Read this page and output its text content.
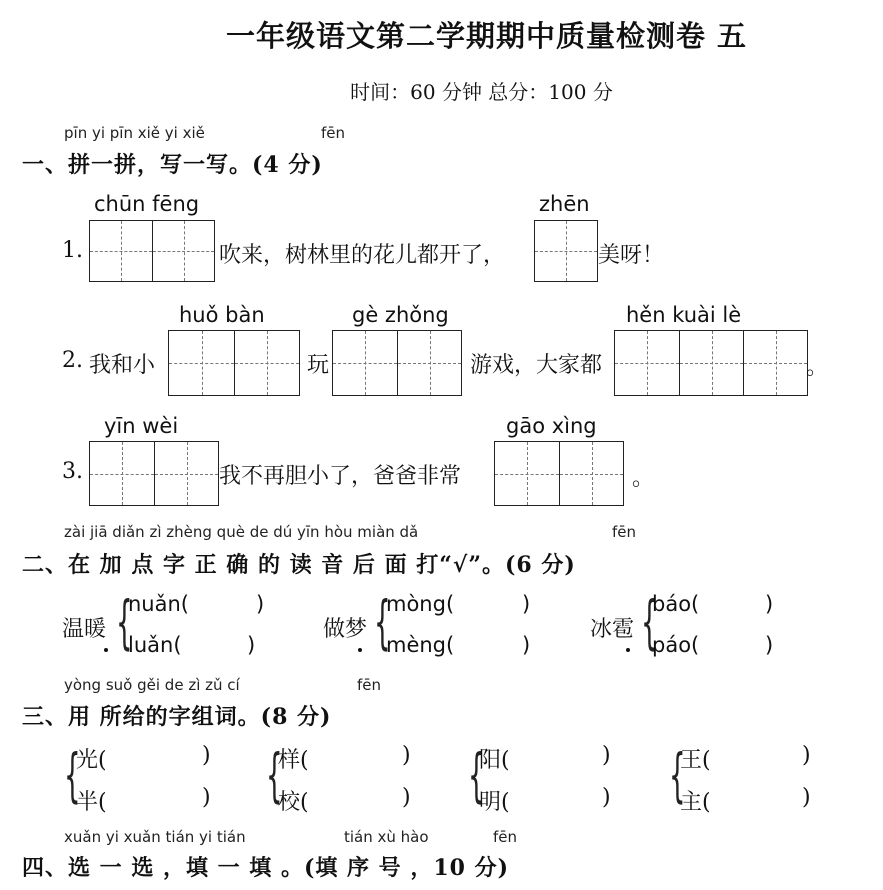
一年级语文第二学期期中质量检测卷 五
时间：60 分钟 总分：100 分
pīn yi pīn xiě yi xiě	fēn
一、拼一拼，写一写。(4 分)
chūn fēng	zhēn
1.	吹来，树林里的花儿都开了，	美呀！
huǒ bàn	gè zhǒng	hěn kuài lè
2. 我和小	玩	游戏，大家都	。
yīn wèi	gāo xìng
3.	我不再胆小了，爸爸非常	。
zài jiā diǎn zì zhèng què de dú yīn hòu miàn dǎ	fēn
二、在 加 点 字 正 确 的 读 音 后 面 打“√”。(6 分)
温暖 {
nuǎn(	)
luǎn(	)
做梦 {
mòng(	)
mèng(	)
冰雹 {
báo(	)
páo(	)
yòng suǒ gěi de zì zǔ cí	fēn
三、用 所给的字组词。(8 分)
{
光(	)
半(	) {
样(	)
校(	) {
阳(	)
明(	) {
王(	)
主(	)
xuǎn yi xuǎn tián yi tián	tián xù hào	fēn
四、选 一 选 ，填 一 填 。(填 序 号 ，10 分)
